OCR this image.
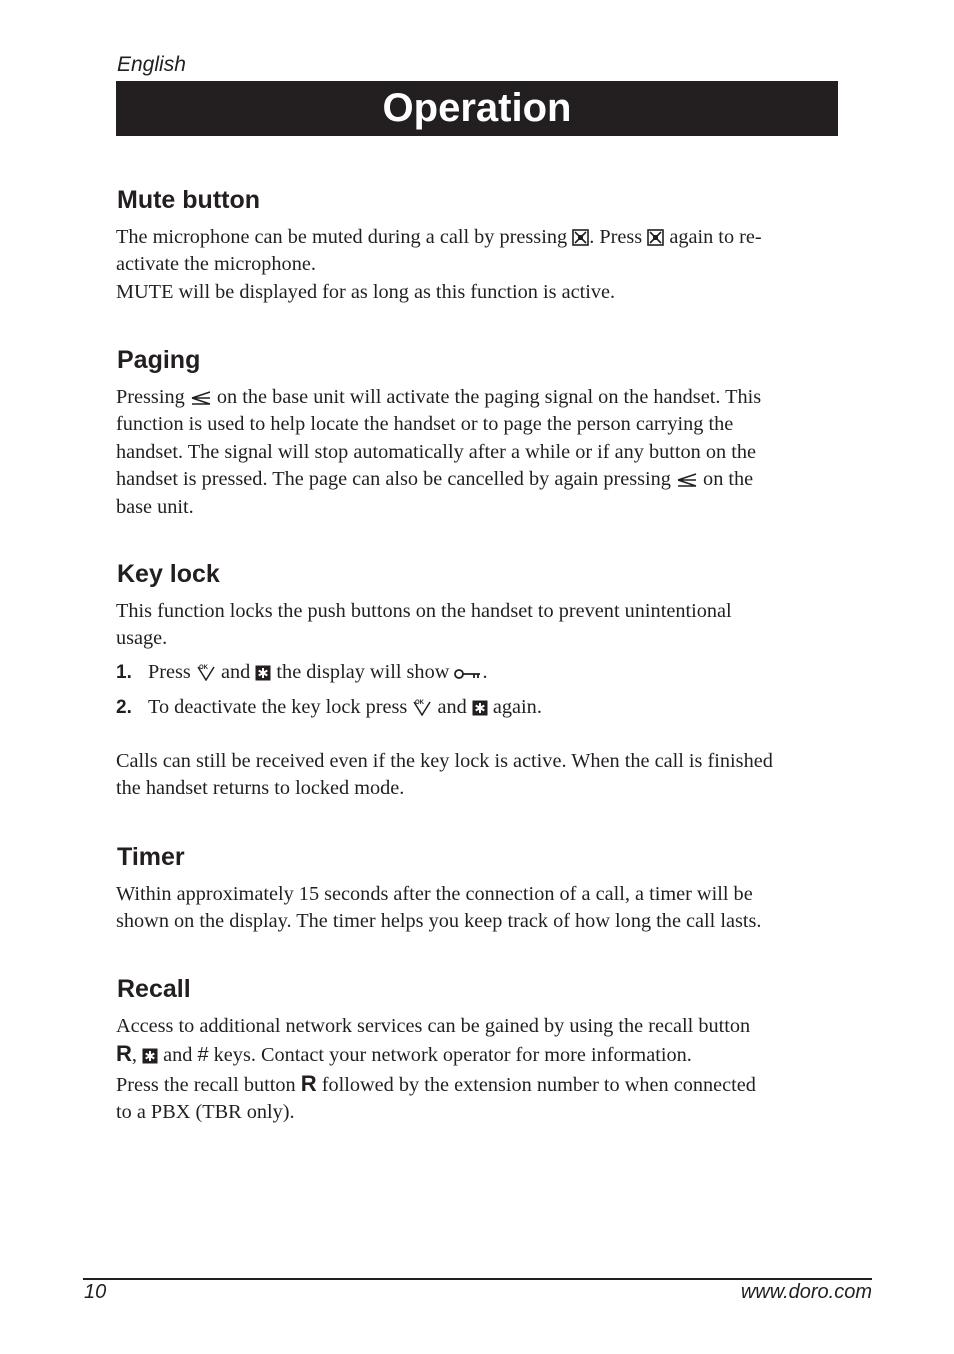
English
Operation
Mute button
The microphone can be muted during a call by pressing
. Press
again to re-
activate the microphone.
MUTE will be displayed for as long as this function is active.
Paging
Pressing
on the base unit will activate the paging signal on the handset. This
function is used to help locate the handset or to page the person carrying the
handset. The signal will stop automatically after a while or if any button on the
handset is pressed. The page can also be cancelled by again pressing
on the
base unit.
Key lock
This function locks the push buttons on the handset to prevent unintentional
usage.
1. Press OK and
the display will show
.
2. To deactivate the key lock press OK and
again.
Calls can still be received even if the key lock is active. When the call is finished
the handset returns to locked mode.
Timer
Within approximately 15 seconds after the connection of a call, a timer will be
shown on the display. The timer helps you keep track of how long the call lasts.
Recall
Access to additional network services can be gained by using the recall button
R,
and # keys. Contact your network operator for more information.
Press the recall button R followed by the extension number to when connected
to a PBX (TBR only).
10	www.doro.com
